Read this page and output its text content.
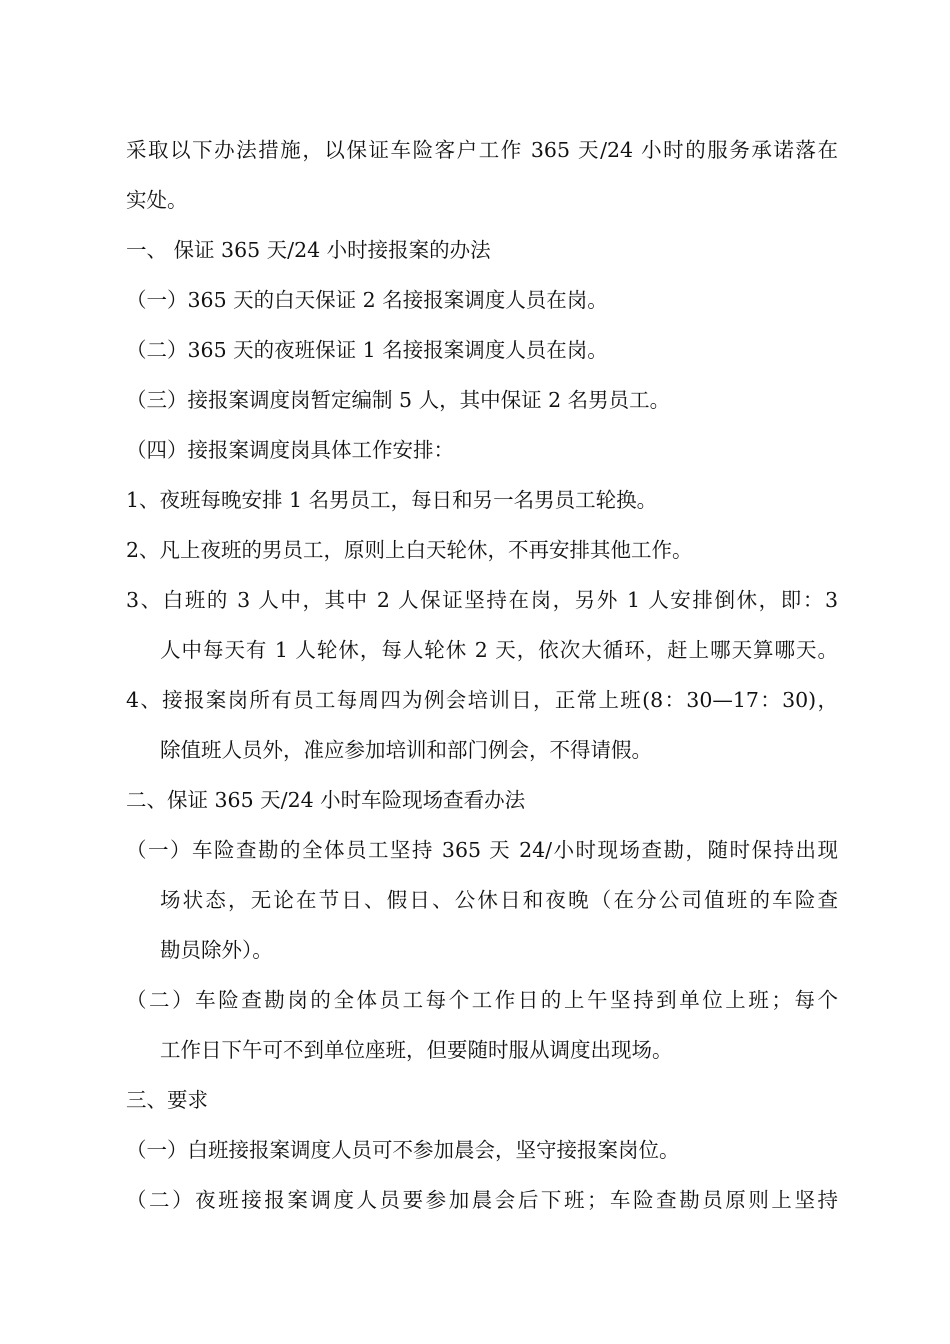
采取以下办法措施，以保证车险客户工作 365 天/24 小时的服务承诺落在
实处。
一、 保证 365 天/24 小时接报案的办法
（一）365 天的白天保证 2 名接报案调度人员在岗。
（二）365 天的夜班保证 1 名接报案调度人员在岗。
（三）接报案调度岗暂定编制 5 人，其中保证 2 名男员工。
（四）接报案调度岗具体工作安排：
1、夜班每晚安排 1 名男员工，每日和另一名男员工轮换。
2、凡上夜班的男员工，原则上白天轮休，不再安排其他工作。
3、白班的 3 人中，其中 2 人保证坚持在岗，另外 1 人安排倒休，即：3
人中每天有 1 人轮休，每人轮休 2 天，依次大循环，赶上哪天算哪天。
4、接报案岗所有员工每周四为例会培训日，正常上班(8：30—17：30)，
除值班人员外，准应参加培训和部门例会，不得请假。
二、保证 365 天/24 小时车险现场查看办法
（一）车险查勘的全体员工坚持 365 天 24/小时现场查勘，随时保持出现
场状态，无论在节日、假日、公休日和夜晚（在分公司值班的车险查
勘员除外）。
（二）车险查勘岗的全体员工每个工作日的上午坚持到单位上班；每个
工作日下午可不到单位座班，但要随时服从调度出现场。
三、要求
（一）白班接报案调度人员可不参加晨会，坚守接报案岗位。
（二）夜班接报案调度人员要参加晨会后下班；车险查勘员原则上坚持
